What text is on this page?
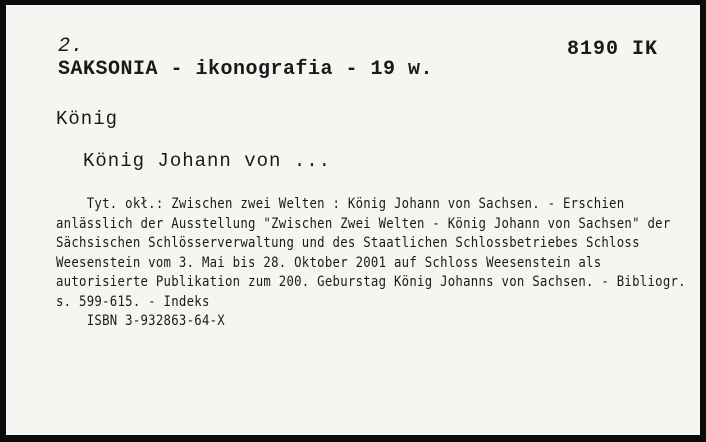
2.	8190 IK
SAKSONIA - ikonografia - 19 w.
König
König Johann von ...
Tyt. okł.: Zwischen zwei Welten : König Johann von Sachsen. - Erschien
anlässlich der Ausstellung "Zwischen Zwei Welten - König Johann von Sachsen" der
Sächsischen Schlösserverwaltung und des Staatlichen Schlossbetriebes Schloss
Weesenstein vom 3. Mai bis 28. Oktober 2001 auf Schloss Weesenstein als
autorisierte Publikation zum 200. Geburstag König Johanns von Sachsen. - Bibliogr.
s. 599-615. - Indeks
ISBN 3-932863-64-X
